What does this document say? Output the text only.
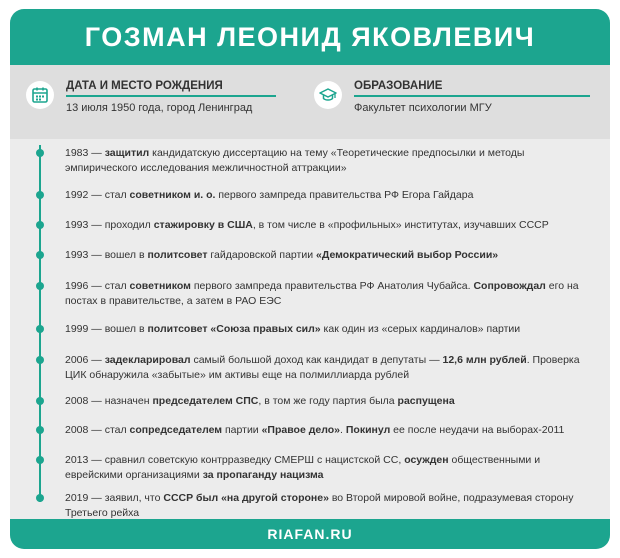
ГОЗМАН ЛЕОНИД ЯКОВЛЕВИЧ
ДАТА И МЕСТО РОЖДЕНИЯ
13 июля 1950 года, город Ленинград
ОБРАЗОВАНИЕ
Факультет психологии МГУ
1983 — защитил кандидатскую диссертацию на тему «Теоретические предпосылки и методы эмпирического исследования межличностной аттракции»
1992 — стал советником и. о. первого зампреда правительства РФ Егора Гайдара
1993 — проходил стажировку в США, в том числе в «профильных» институтах, изучавших СССР
1993 — вошел в политсовет гайдаровской партии «Демократический выбор России»
1996 — стал советником первого зампреда правительства РФ Анатолия Чубайса. Сопровождал его на постах в правительстве, а затем в РАО ЕЭС
1999 — вошел в политсовет «Союза правых сил» как один из «серых кардиналов» партии
2006 — задекларировал самый большой доход как кандидат в депутаты — 12,6 млн рублей. Проверка ЦИК обнаружила «забытые» им активы еще на полмиллиарда рублей
2008 — назначен председателем СПС, в том же году партия была распущена
2008 — стал сопредседателем партии «Правое дело». Покинул ее после неудачи на выборах-2011
2013 — сравнил советскую контрразведку СМЕРШ с нацистской СС, осужден общественными и еврейскими организациями за пропаганду нацизма
2019 — заявил, что СССР был «на другой стороне» во Второй мировой войне, подразумевая сторону Третьего рейха
RIAFAN.RU
